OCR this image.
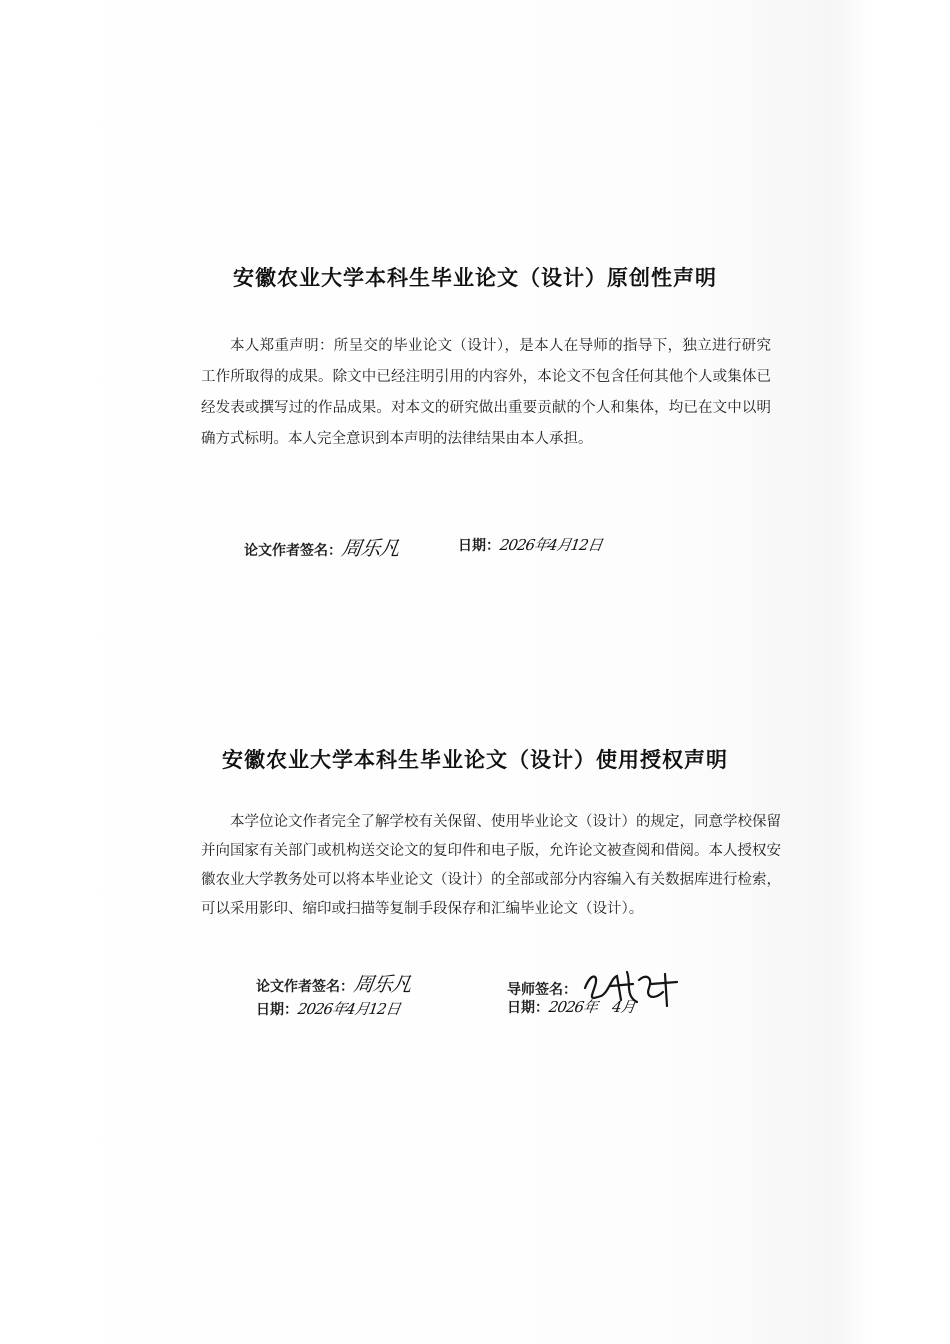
安徽农业大学本科生毕业论文（设计）原创性声明
本人郑重声明：所呈交的毕业论文（设计），是本人在导师的指导下，独立进行研究工作所取得的成果。除文中已经注明引用的内容外，本论文不包含任何其他个人或集体已经发表或撰写过的作品成果。对本文的研究做出重要贡献的个人和集体，均已在文中以明确方式标明。本人完全意识到本声明的法律结果由本人承担。
论文作者签名：周乐凡	日期：2026年4月12日
安徽农业大学本科生毕业论文（设计）使用授权声明
本学位论文作者完全了解学校有关保留、使用毕业论文（设计）的规定，同意学校保留并向国家有关部门或机构送交论文的复印件和电子版，允许论文被查阅和借阅。本人授权安徽农业大学教务处可以将本毕业论文（设计）的全部或部分内容编入有关数据库进行检索，可以采用影印、缩印或扫描等复制手段保存和汇编毕业论文（设计）。
论文作者签名：周乐凡
日期：2026年4月12日
导师签名：
日期：2026年    4月
